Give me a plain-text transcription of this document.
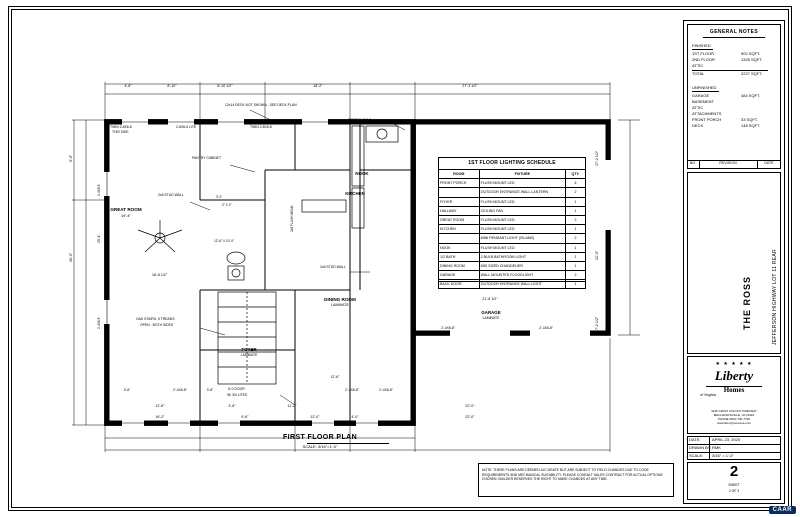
GENERAL NOTES
FINISHED
1ST FLOOR	902 SQFT.
2ND FLOOR	1325 SQFT.
ATTIC
TOTAL	2227 SQFT.
UNFINISHED
GARAGE	484 SQFT.
BASEMENT
ATTIC
ATTACHMENTS
FRONT PORCH	33 SQFT.
DECK	148 SQFT.
NO.	REVISION	DATE
THE ROSS	JEFFERSON HIGHWAY LOT 11 REAR
★ ★ ★ ★ ★
Liberty
Homes
of Virginia
4245 CROIX COLONY PARKWAY
MECHANICSVILLE, VA 23116
PHONE (804) 730-7730
www.libertyhomesva.com
DATE:	APRIL 23, 2020
DRAWN BY: RMK
SCALE: 3/16" = 1'-0"
2
SHEET
2 OF 3
NOTE: THESE PLANS ARE DEEMED ACCURATE BUT ARE SUBJECT TO FIELD CHANGES DUE TO CODE REQUIREMENTS AND MECHANICAL SUITABILITY. PLEASE CONSULT SALES CONTRACT FOR ACTUAL OPTIONS CHOSEN. BUILDER RESERVES THE RIGHT TO MAKE CHANGES AT ANY TIME.
1ST FLOOR LIGHTING SCHEDULE
ROOM	FIXTURE	QTY.
FRONT PORCH	FLUSH MOUNT LED	4
	OUTDOOR ENTRANCE WALL LANTERN	2
FOYER	FLUSH MOUNT LED	1
HALLWAY	CEILING FAN	1
GREAT ROOM	FLUSH MOUNT LED	2
KITCHEN	FLUSH MOUNT LED	1
	MINI PENDANT LIGHT (ISLAND)	2
NOOK	FLUSH MOUNT LED	1
1/2 BATH	2 BULB BATHROOM LIGHT	1
DINING ROOM	MID SIZED CHANDELIER	1
GARAGE	WALL MOUNTED FLOODLIGHT	2
BACK DOOR	OUTDOOR ENTRANCE WALL LIGHT	1
GREAT ROOM
19'-4"
KITCHEN
NOOK
DINING ROOM
LAMINATE
FOYER
LAMINATE
GARAGE
LAMINATE
12x14 DECK NOT SHOWN - SEE DECK PLAN
TWIN 2-8X6-8
THIS SIDE
2-8X6-8 LITE	TWIN 2-8X6-8
FIXED 2-4X6-0
PANTRY CABINET
2x6 STUD WALL
2x8 FLUSH BEAM
2" X 2"
12'-6" X 10'-0"
2x6 STUD WALL
OAK STAIRS, 5 TREADS
OPEN - BOTH SIDES
6'-0 DOOR
W/ 3/4 LITES
16'-0" X 7'-0" GARAGE DOOR
3'-2"
4'-8"	8'-10"	8'-10 1/2"	18'-2"	27'-3 1/2"
3'-8"	2'-4X6-8"	3'-8"
12'-6"
2'-4X6-8"	2'-4X6-8"
2'-4X6-8"	2'-4X6-8"
12'-6"	3'-8"	11'-2"	22'-0"
16'-2"	9'-6"	12'-0"	4'-0"	22'-0"
9'-0"
2-4X6-8
29'-4"
36'-0"
2-4X6-8
18'-8 1/2"
17'-2 1/2"
22'-0"
17'-2 1/2"
21'-8 1/2"
FIRST FLOOR PLAN
SCALE: 3/16"=1'-0"
CAAR
